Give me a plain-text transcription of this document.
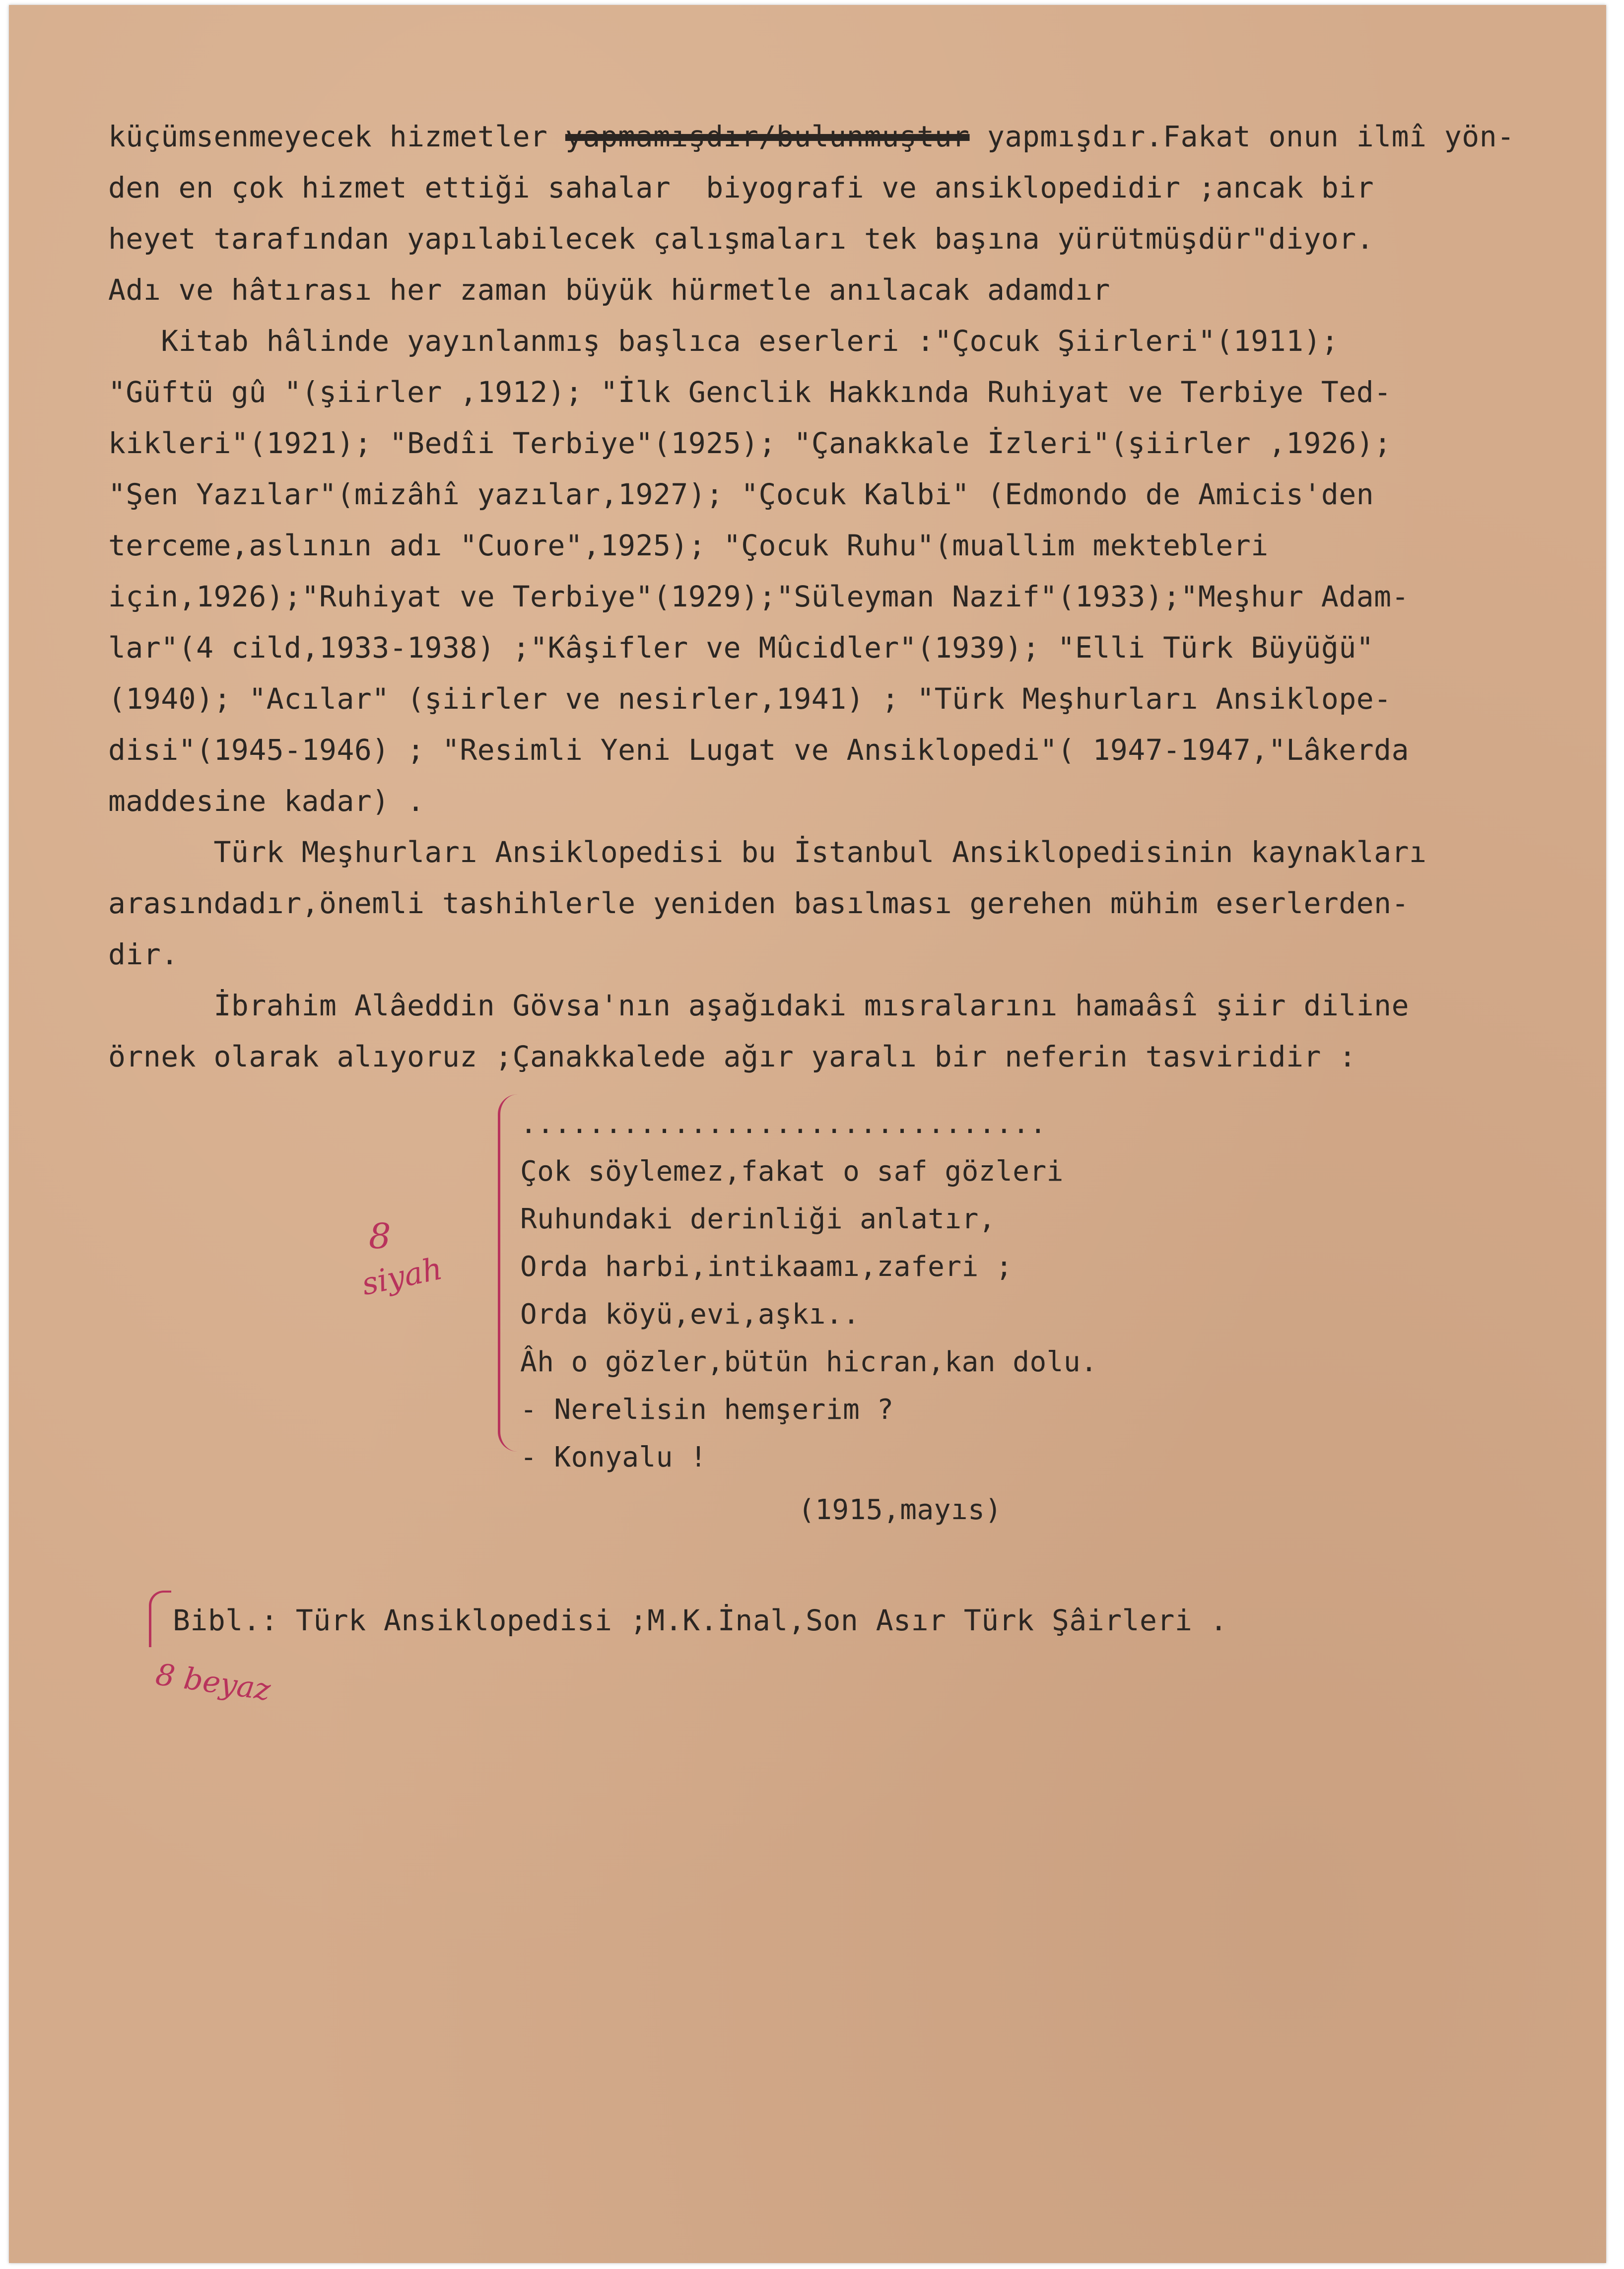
küçümsenmeyecek hizmetler yapmamışdır/bulunmuştur yapmışdır.Fakat onun ilmî yön-

den en çok hizmet ettiği sahalar  biyografi ve ansiklopedidir ;ancak bir

heyet tarafından yapılabilecek çalışmaları tek başına yürütmüşdür"diyor.

Adı ve hâtırası her zaman büyük hürmetle anılacak adamdır

Kitab hâlinde yayınlanmış başlıca eserleri :"Çocuk Şiirleri"(1911);

"Güftü gû "(şiirler ,1912); "İlk Genclik Hakkında Ruhiyat ve Terbiye Ted-

kikleri"(1921); "Bedîi Terbiye"(1925); "Çanakkale İzleri"(şiirler ,1926);

"Şen Yazılar"(mizâhî yazılar,1927); "Çocuk Kalbi" (Edmondo de Amicis'den

terceme,aslının adı "Cuore",1925); "Çocuk Ruhu"(muallim mektebleri

için,1926);"Ruhiyat ve Terbiye"(1929);"Süleyman Nazif"(1933);"Meşhur Adam-

lar"(4 cild,1933-1938) ;"Kâşifler ve Mûcidler"(1939); "Elli Türk Büyüğü"

(1940); "Acılar" (şiirler ve nesirler,1941) ; "Türk Meşhurları Ansiklope-

disi"(1945-1946) ; "Resimli Yeni Lugat ve Ansiklopedi"( 1947-1947,"Lâkerda

maddesine kadar) .

Türk Meşhurları Ansiklopedisi bu İstanbul Ansiklopedisinin kaynakları

arasındadır,önemli tashihlerle yeniden basılması gerehen mühim eserlerden-

dir.

İbrahim Alâeddin Gövsa'nın aşağıdaki mısralarını hamaâsî şiir diline

örnek olarak alıyoruz ;Çanakkalede ağır yaralı bir neferin tasviridir :

8
siyah

...............................

Çok söylemez,fakat o saf gözleri

Ruhundaki derinliği anlatır,

Orda harbi,intikaamı,zaferi ;

Orda köyü,evi,aşkı..

Âh o gözler,bütün hicran,kan dolu.

- Nerelisin hemşerim ?

- Konyalu !

(1915,mayıs)

Bibl.: Türk Ansiklopedisi ;M.K.İnal,Son Asır Türk Şâirleri .
8 beyaz
